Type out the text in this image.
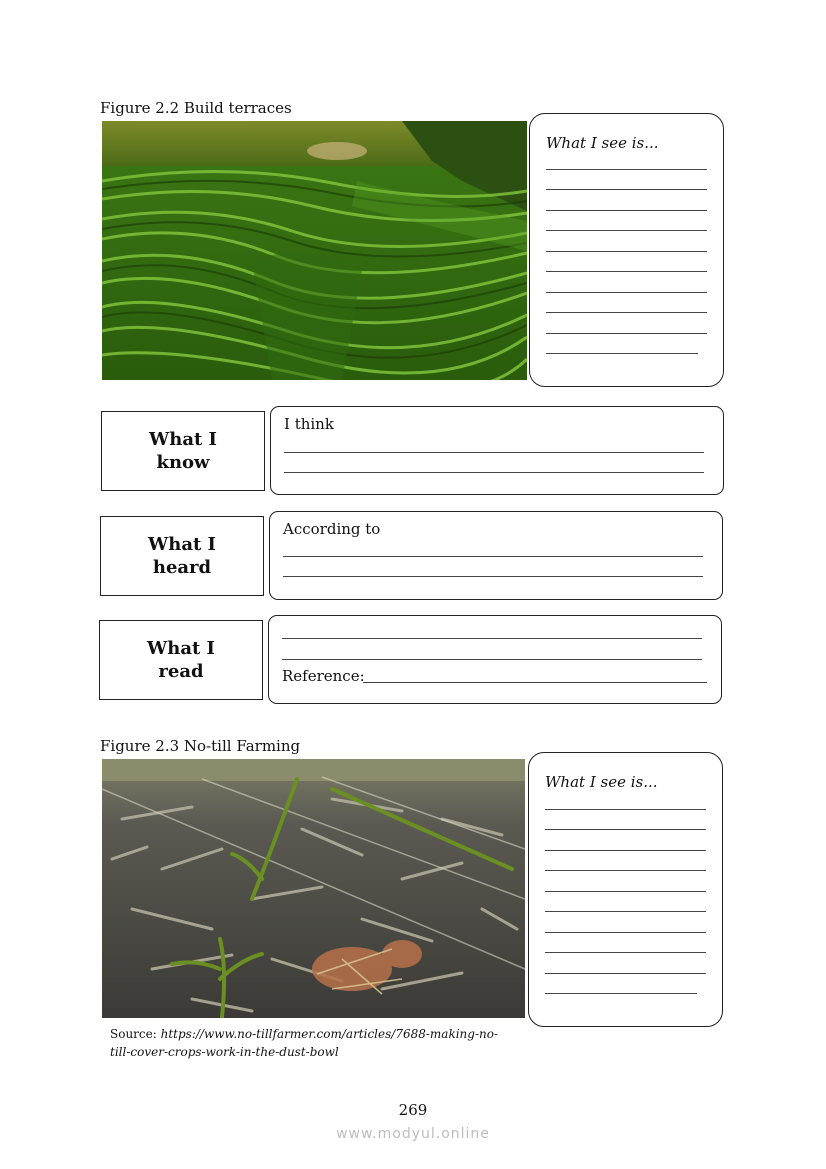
Figure 2.2 Build terraces
What I see is...
What I
know
I think
What I
heard
According to
What I
read	Reference:
Figure 2.3 No-till Farming
What I see is...
Source: https://www.no-tillfarmer.com/articles/7688-making-no-
till-cover-crops-work-in-the-dust-bowl
269
www.modyul.online
